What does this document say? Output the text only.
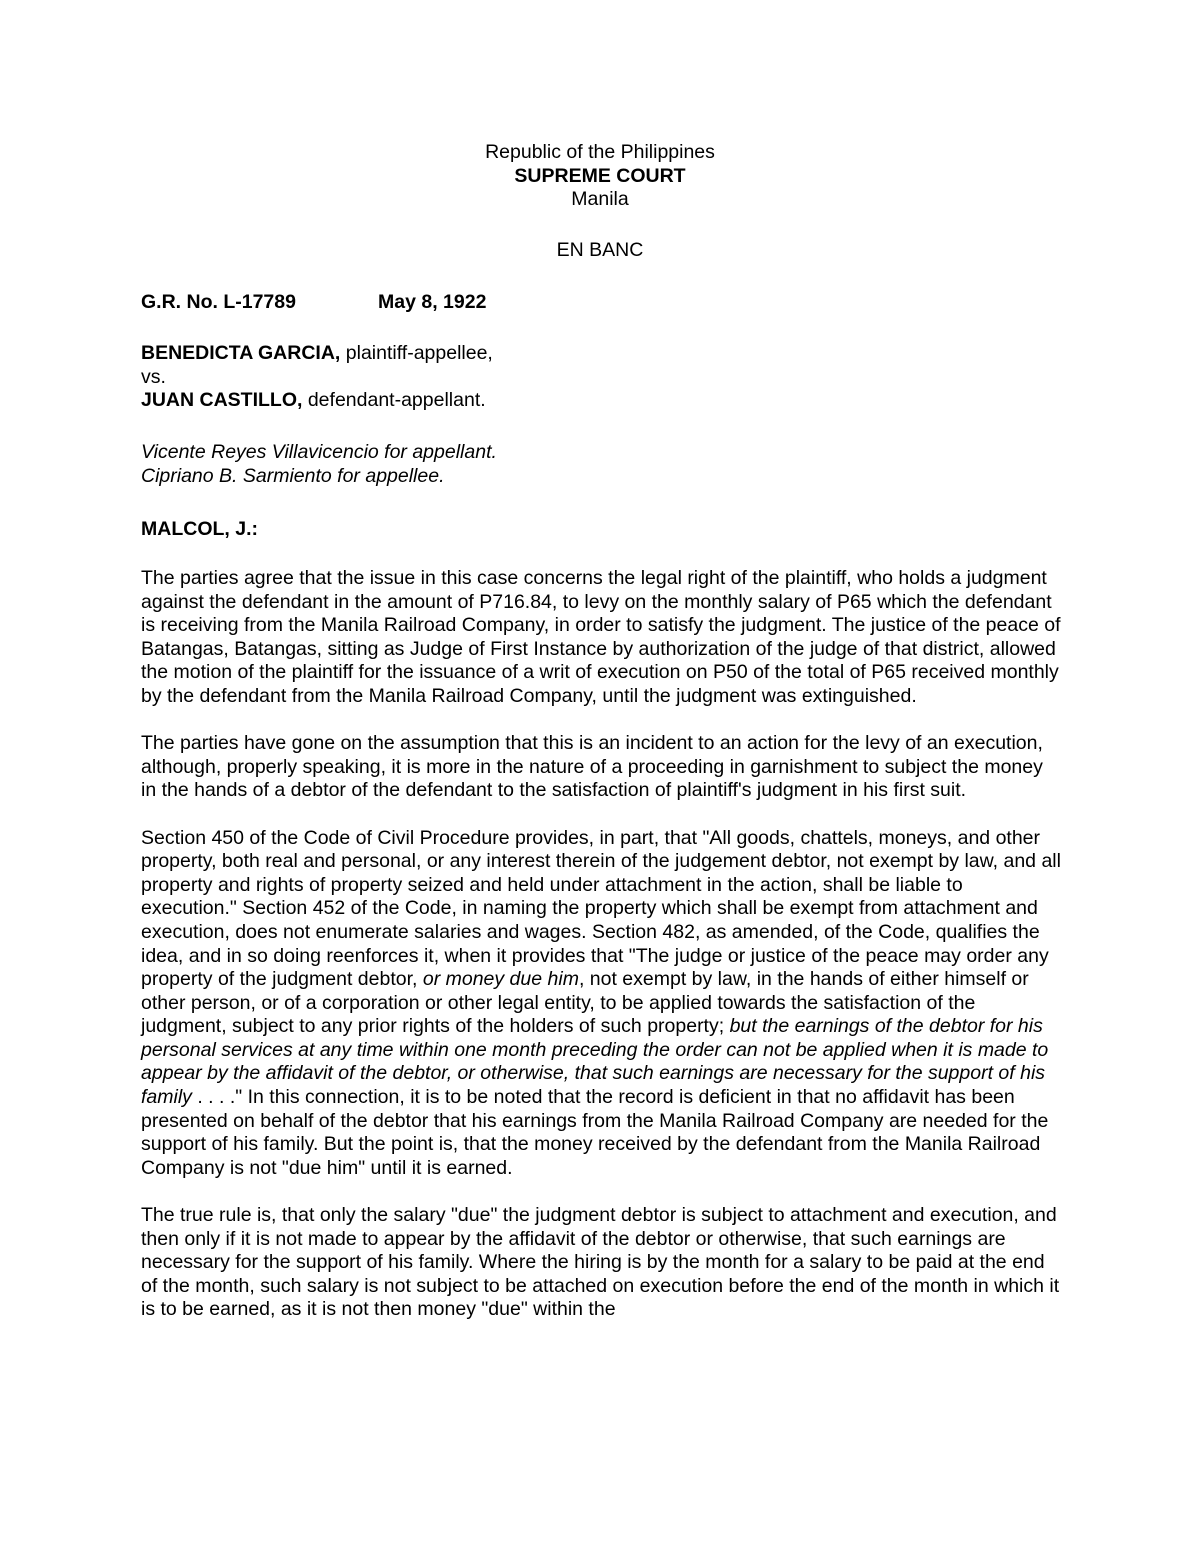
Republic of the Philippines
SUPREME COURT
Manila
EN BANC
G.R. No. L-17789	May 8, 1922
BENEDICTA GARCIA, plaintiff-appellee,
vs.
JUAN CASTILLO, defendant-appellant.
Vicente Reyes Villavicencio for appellant.
Cipriano B. Sarmiento for appellee.
MALCOL, J.:

The parties agree that the issue in this case concerns the legal right of the plaintiff, who holds a judgment against the defendant in the amount of P716.84, to levy on the monthly salary of P65 which the defendant is receiving from the Manila Railroad Company, in order to satisfy the judgment. The justice of the peace of Batangas, Batangas, sitting as Judge of First Instance by authorization of the judge of that district, allowed the motion of the plaintiff for the issuance of a writ of execution on P50 of the total of P65 received monthly by the defendant from the Manila Railroad Company, until the judgment was extinguished.

The parties have gone on the assumption that this is an incident to an action for the levy of an execution, although, properly speaking, it is more in the nature of a proceeding in garnishment to subject the money in the hands of a debtor of the defendant to the satisfaction of plaintiff's judgment in his first suit.

Section 450 of the Code of Civil Procedure provides, in part, that "All goods, chattels, moneys, and other property, both real and personal, or any interest therein of the judgement debtor, not exempt by law, and all property and rights of property seized and held under attachment in the action, shall be liable to execution." Section 452 of the Code, in naming the property which shall be exempt from attachment and execution, does not enumerate salaries and wages. Section 482, as amended, of the Code, qualifies the idea, and in so doing reenforces it, when it provides that "The judge or justice of the peace may order any property of the judgment debtor, or money due him, not exempt by law, in the hands of either himself or other person, or of a corporation or other legal entity, to be applied towards the satisfaction of the judgment, subject to any prior rights of the holders of such property; but the earnings of the debtor for his personal services at any time within one month preceding the order can not be applied when it is made to appear by the affidavit of the debtor, or otherwise, that such earnings are necessary for the support of his family . . . ." In this connection, it is to be noted that the record is deficient in that no affidavit has been presented on behalf of the debtor that his earnings from the Manila Railroad Company are needed for the support of his family. But the point is, that the money received by the defendant from the Manila Railroad Company is not "due him" until it is earned.

The true rule is, that only the salary "due" the judgment debtor is subject to attachment and execution, and then only if it is not made to appear by the affidavit of the debtor or otherwise, that such earnings are necessary for the support of his family. Where the hiring is by the month for a salary to be paid at the end of the month, such salary is not subject to be attached on execution before the end of the month in which it is to be earned, as it is not then money "due" within the
